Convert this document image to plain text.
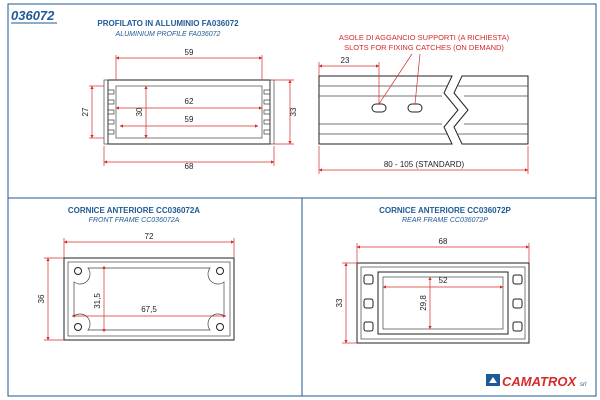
036072
PROFILATO IN ALLUMINIO FA036072
ALUMINIUM PROFILE FA036072
59
62
59
68
27	30	33
ASOLE DI AGGANCIO SUPPORTI (A RICHIESTA)
SLOTS FOR FIXING CATCHES (ON DEMAND)
23
80 - 105 (STANDARD)
CORNICE ANTERIORE CC036072A
FRONT FRAME CC036072A
72
36	31,5
67,5
CORNICE ANTERIORE CC036072P
REAR FRAME CC036072P
68
33
52
29,8
CAMATROX srl
